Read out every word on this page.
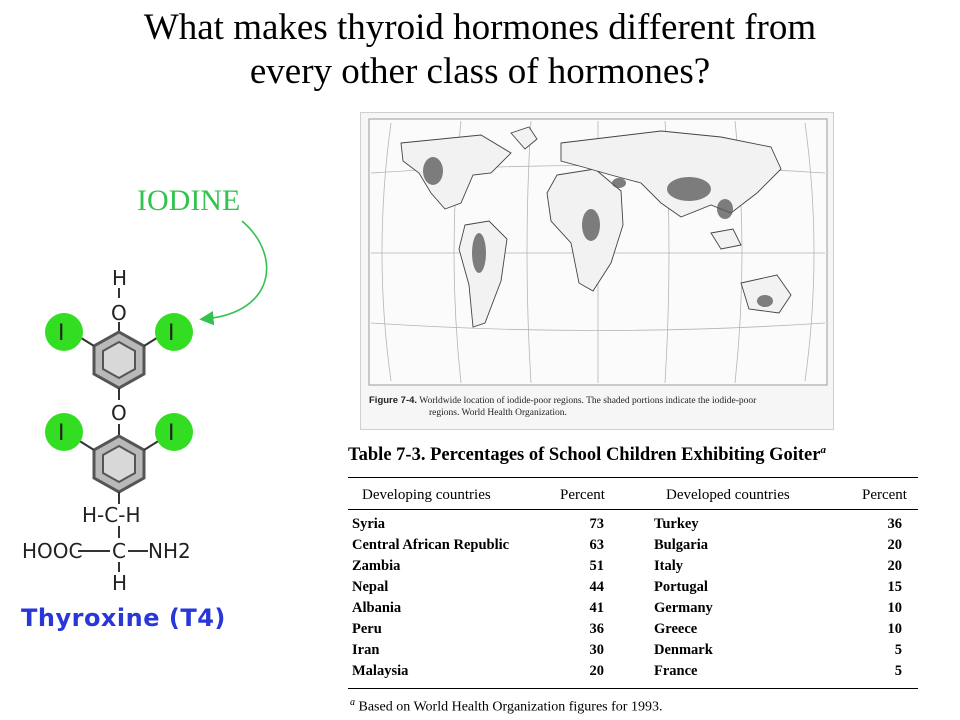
What makes thyroid hormones different from
every other class of hormones?
IODINE
H
O
I	I
O
I	I
H-C-H
HOOC C NH2
H
Thyroxine (T4)
Figure 7-4. Worldwide location of iodide-poor regions. The shaded portions indicate the iodide-poor
regions. World Health Organization.
Table 7-3. Percentages of School Children Exhibiting Goiter$^a$
Developing countries	Percent	Developed countries	Percent
Syria	73	Turkey	36
Central African Republic	63	Bulgaria	20
Zambia	51	Italy	20
Nepal	44	Portugal	15
Albania	41	Germany	10
Peru	36	Greece	10
Iran	30	Denmark	5
Malaysia	20	France	5
$^a$ Based on World Health Organization figures for 1993.
